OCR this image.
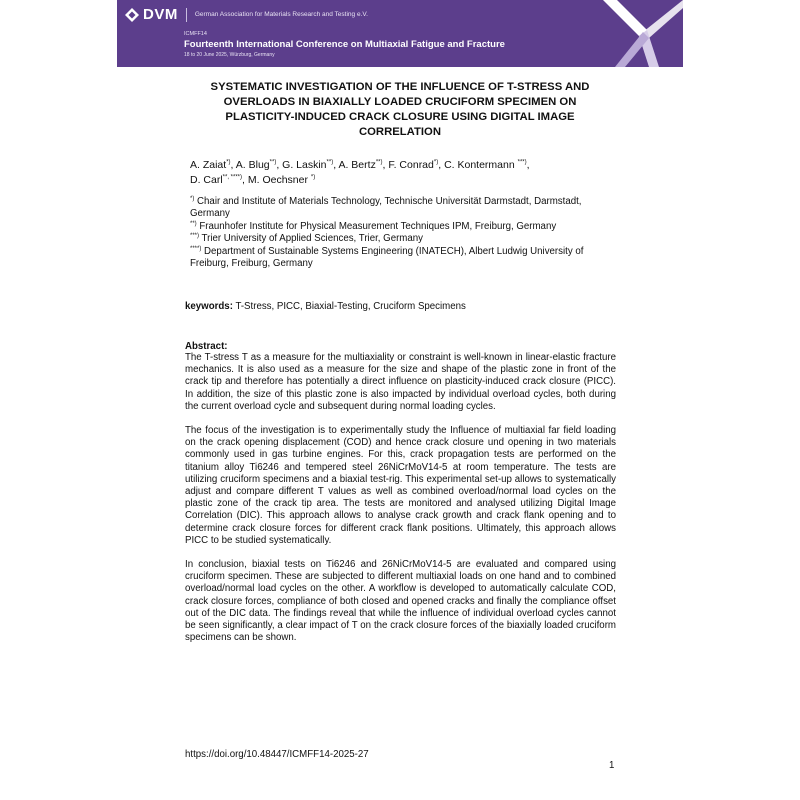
DVM	German Association for Materials Research and Testing e.V.
ICMFF14
Fourteenth International Conference on Multiaxial Fatigue and Fracture
18 to 20 June 2025, Würzburg, Germany
SYSTEMATIC INVESTIGATION OF THE INFLUENCE OF T-STRESS AND
OVERLOADS IN BIAXIALLY LOADED CRUCIFORM SPECIMEN ON
PLASTICITY-INDUCED CRACK CLOSURE USING DIGITAL IMAGE
CORRELATION
A. Zaiat*), A. Blug**), G. Laskin**), A. Bertz**), F. Conrad*), C. Kontermann ***),
D. Carl**, ****), M. Oechsner *)
*) Chair and Institute of Materials Technology, Technische Universität Darmstadt, Darmstadt,
Germany
**) Fraunhofer Institute for Physical Measurement Techniques IPM, Freiburg, Germany
***) Trier University of Applied Sciences, Trier, Germany
****) Department of Sustainable Systems Engineering (INATECH), Albert Ludwig University of
Freiburg, Freiburg, Germany
keywords: T-Stress, PICC, Biaxial-Testing, Cruciform Specimens
Abstract:

The T-stress T as a measure for the multiaxiality or constraint is well-known in linear-elastic fracture mechanics. It is also used as a measure for the size and shape of the plastic zone in front of the crack tip and therefore has potentially a direct influence on plasticity-induced crack closure (PICC). In addition, the size of this plastic zone is also impacted by individual overload cycles, both during the current overload cycle and subsequent during normal loading cycles.

The focus of the investigation is to experimentally study the Influence of multiaxial far field loading on the crack opening displacement (COD) and hence crack closure und opening in two materials commonly used in gas turbine engines. For this, crack propagation tests are performed on the titanium alloy Ti6246 and tempered steel 26NiCrMoV14-5 at room temperature. The tests are utilizing cruciform specimens and a biaxial test-rig. This experimental set-up allows to systematically adjust and compare different T values as well as combined overload/normal load cycles on the plastic zone of the crack tip area. The tests are monitored and analysed utilizing Digital Image Correlation (DIC). This approach allows to analyse crack growth and crack flank opening and to determine crack closure forces for different crack flank positions. Ultimately, this approach allows PICC to be studied systematically.

In conclusion, biaxial tests on Ti6246 and 26NiCrMoV14-5 are evaluated and compared using cruciform specimen. These are subjected to different multiaxial loads on one hand and to combined overload/normal load cycles on the other. A workflow is developed to automatically calculate COD, crack closure forces, compliance of both closed and opened cracks and finally the compliance offset out of the DIC data. The findings reveal that while the influence of individual overload cycles cannot be seen significantly, a clear impact of T on the crack closure forces of the biaxially loaded cruciform specimens can be shown.

https://doi.org/10.48447/ICMFF14-2025-27
1
